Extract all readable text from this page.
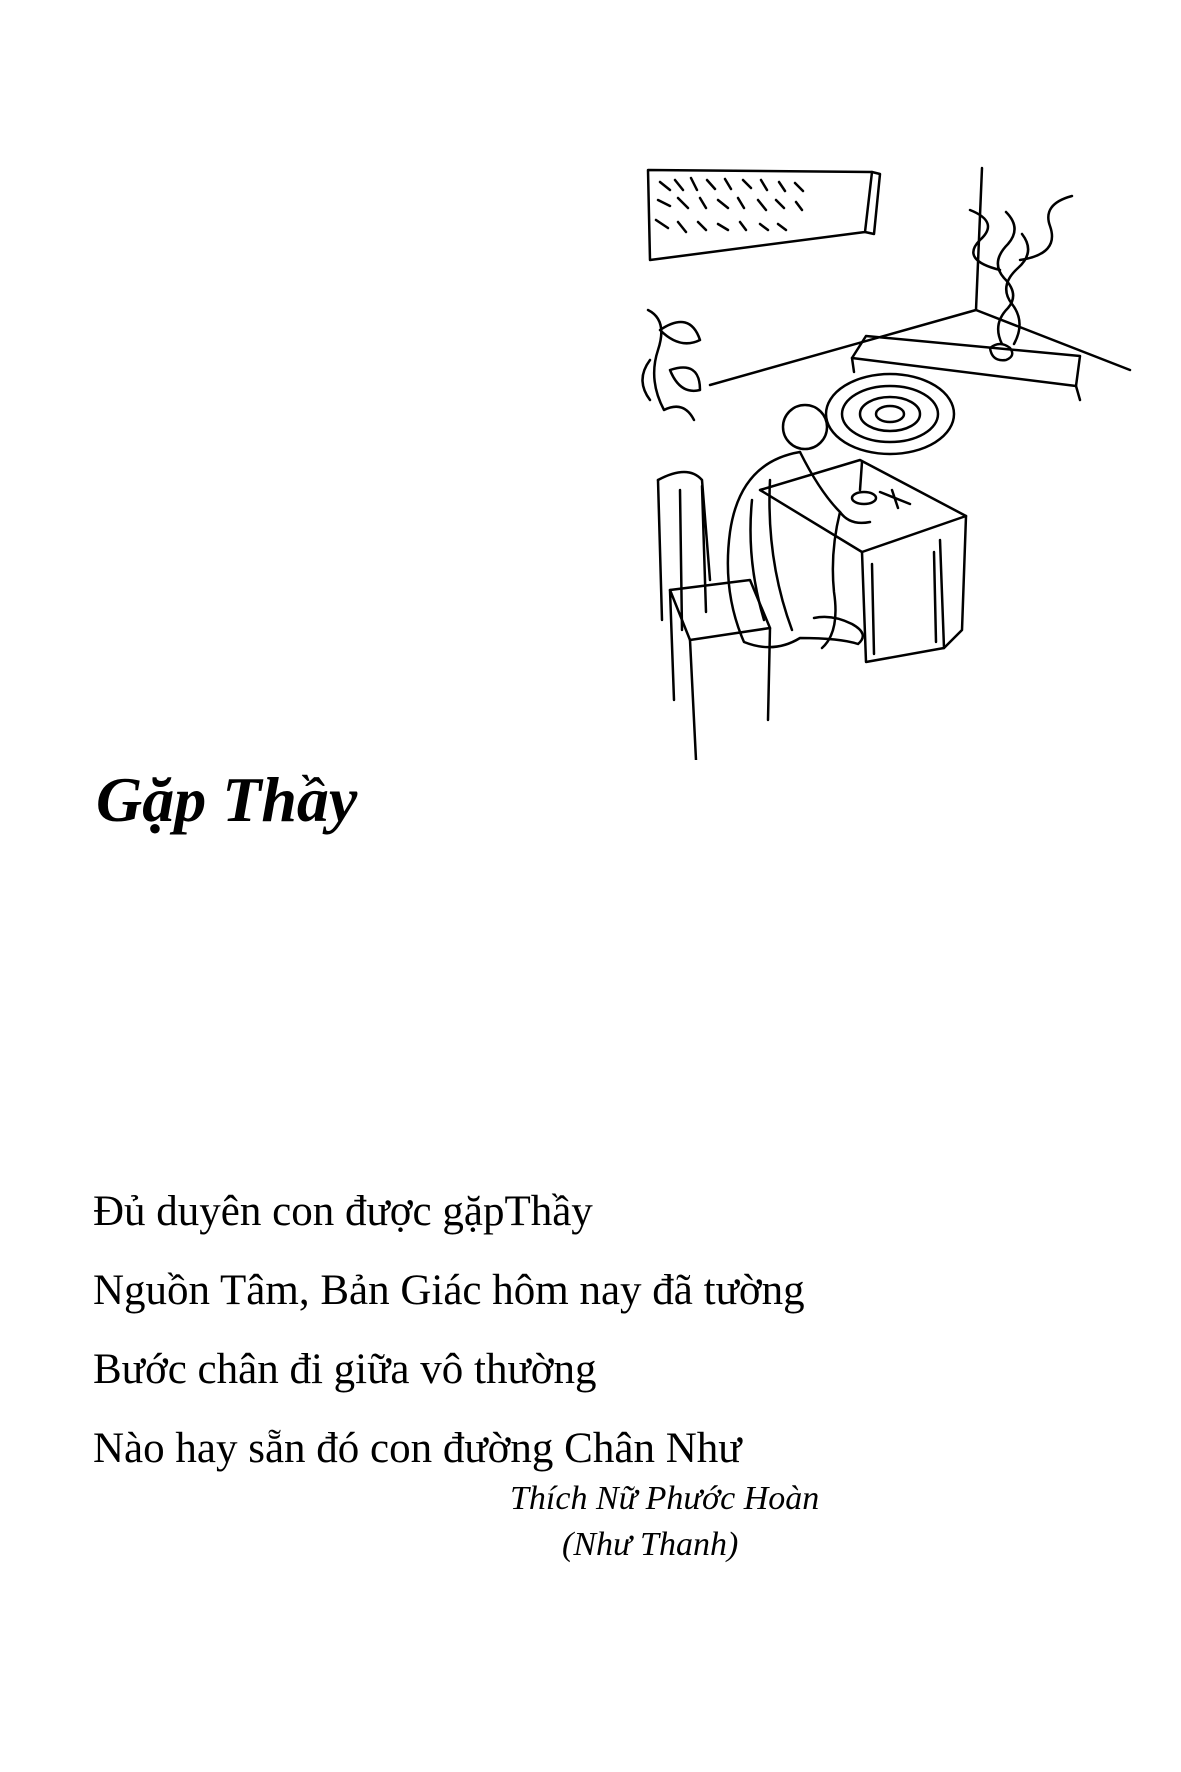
Gặp Thầy

Đủ duyên con được gặpThầy

Nguồn Tâm, Bản Giác hôm nay đã tường

Bước chân đi giữa vô thường

Nào hay sẵn đó con đường Chân Như

Thích Nữ Phước Hoàn
(Như Thanh)
